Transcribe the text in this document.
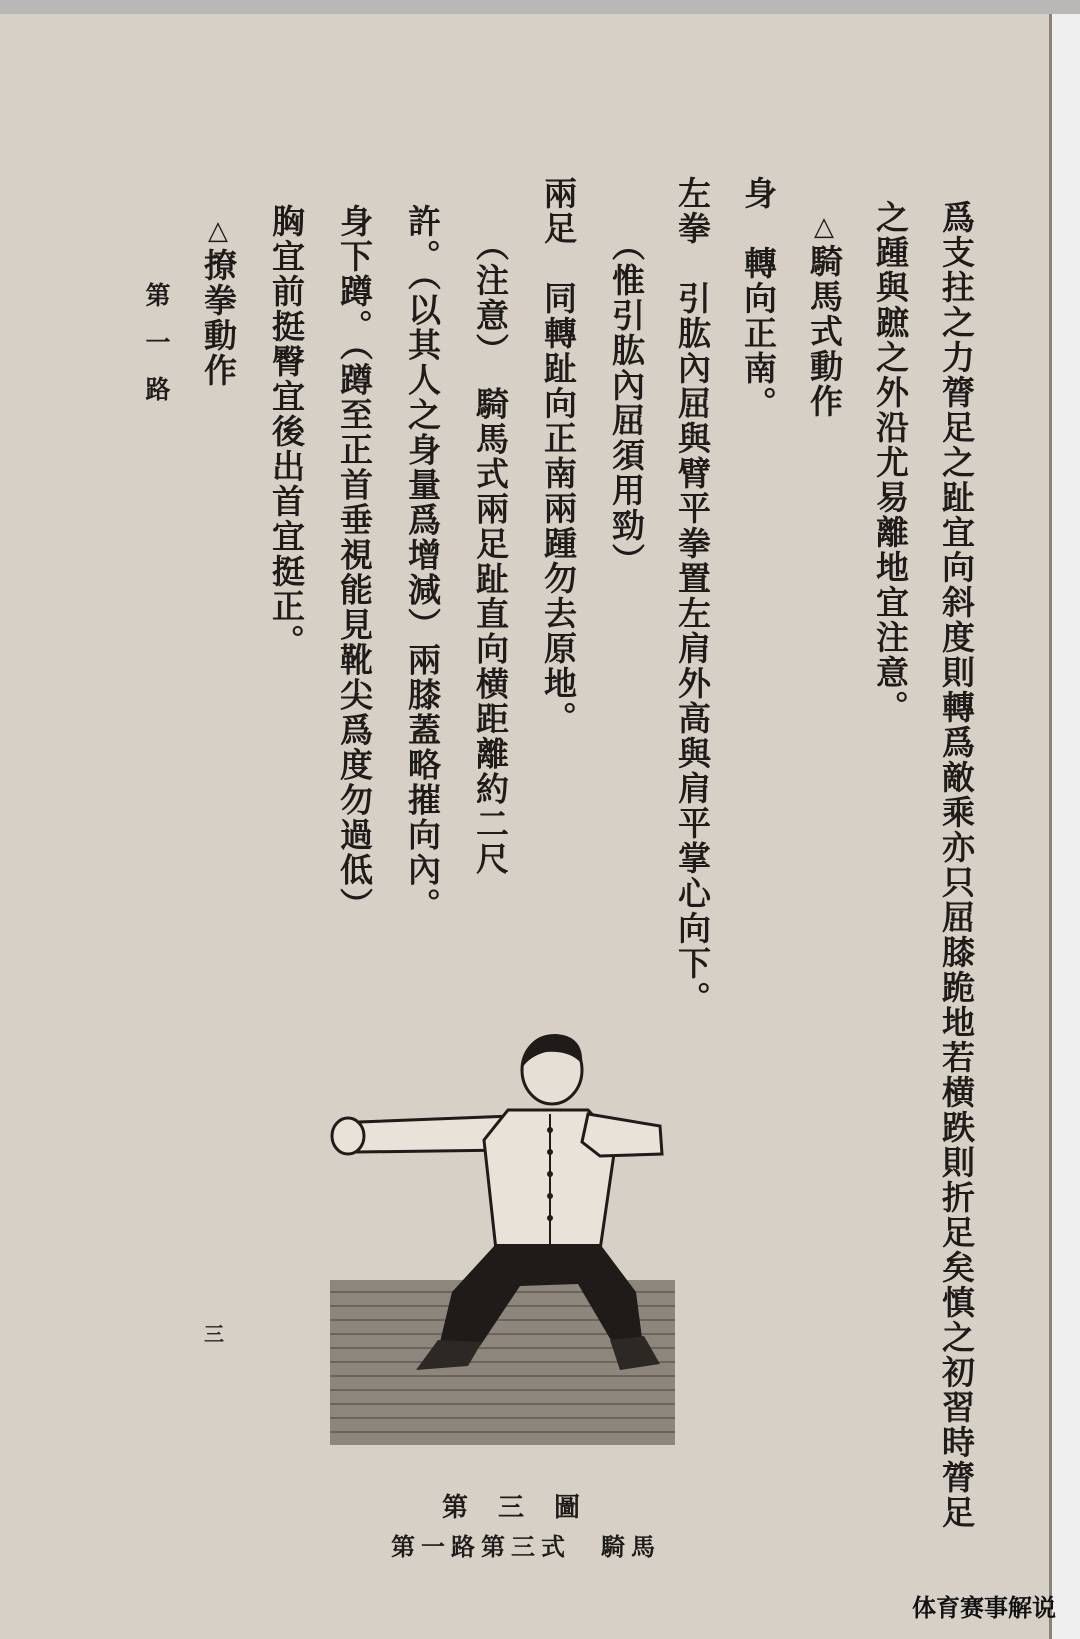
爲支拄之力膂足之趾宜向斜度則轉爲敵乘亦只屈膝跪地若横跌則折足矣慎之初習時膂足
之踵與蹠之外沿尤易離地宜注意。
△騎馬式動作
身　轉向正南。
左拳　引肱內屈與臂平拳置左肩外高與肩平掌心向下。
（惟引肱內屈須用勁）
兩足　同轉趾向正南兩踵勿去原地。
（注意）　騎馬式兩足趾直向横距離約二尺
許。（以其人之身量爲增減）兩膝蓋略摧向內。
身下蹲。（蹲至正首垂視能見靴尖爲度勿過低）
胸宜前挺臀宜後出首宜挺正。
△撩拳動作
第一路
三
第三圖
第一路第三式　騎馬
体育赛事解说
